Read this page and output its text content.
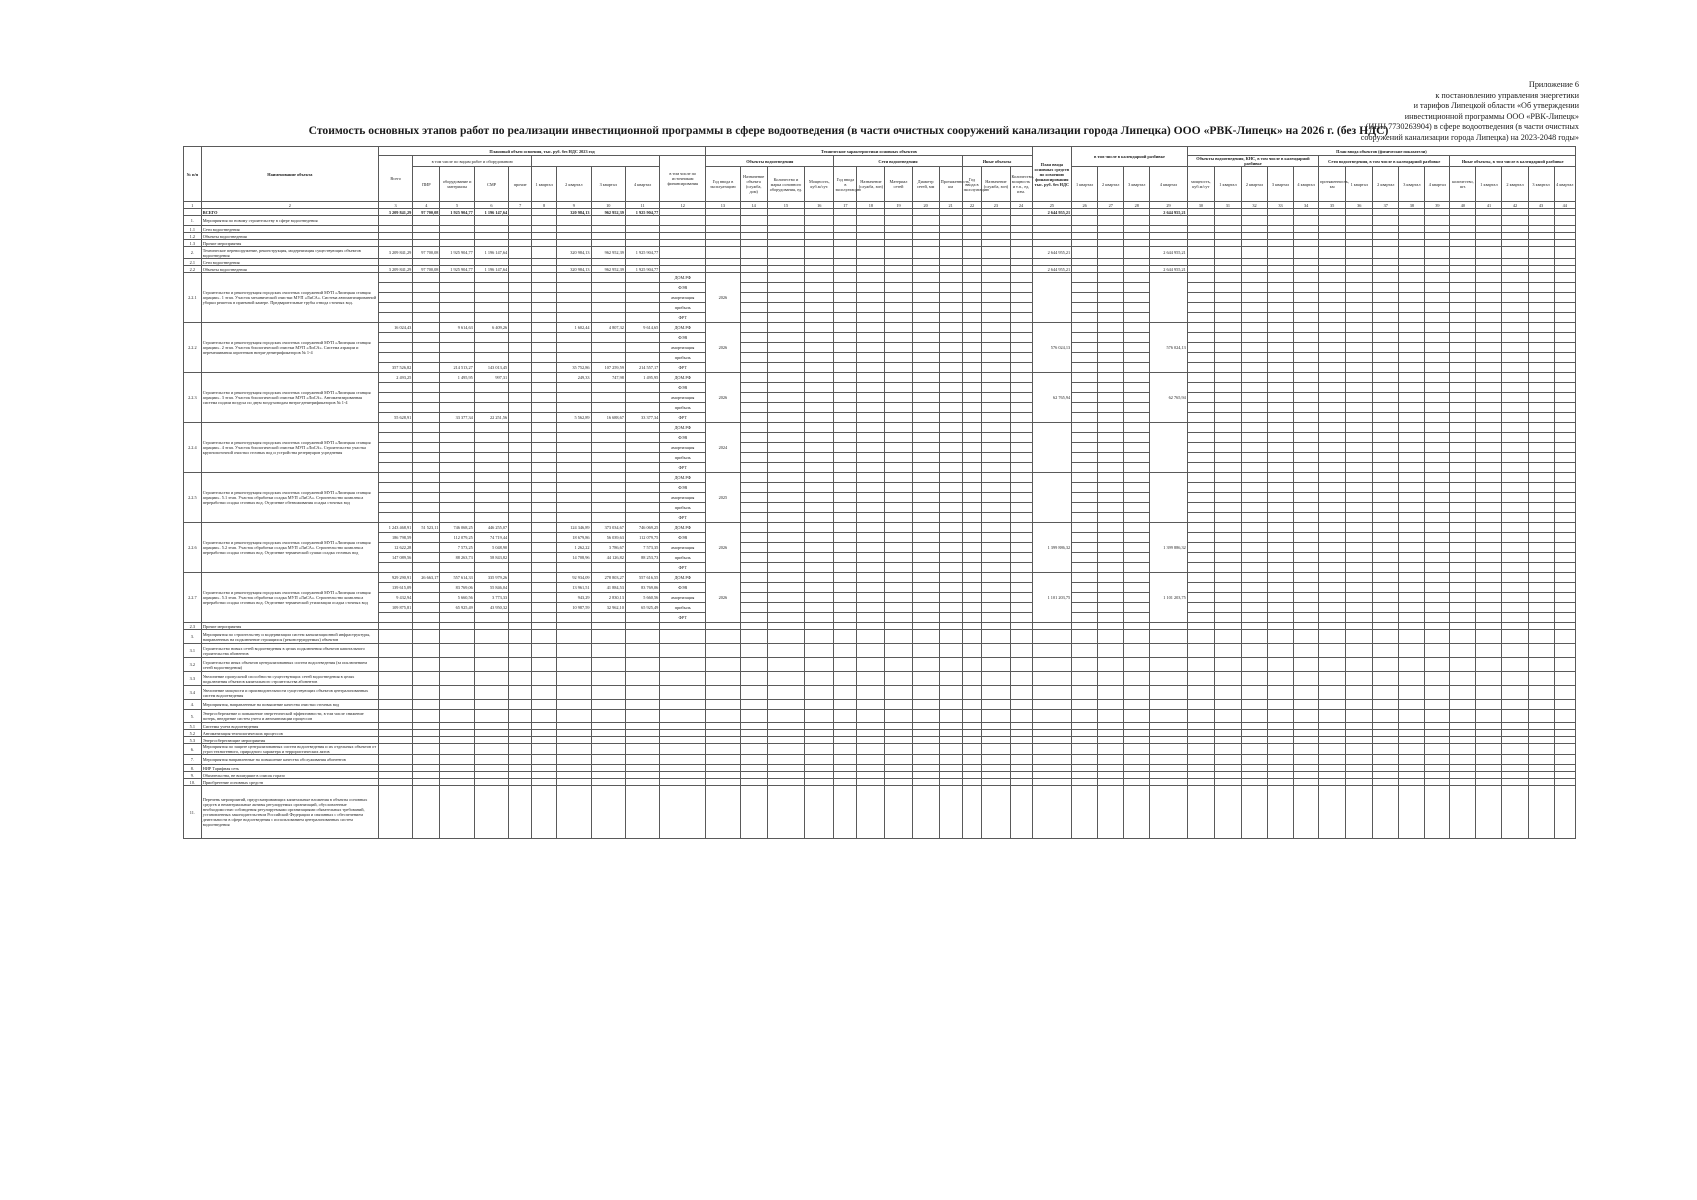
Приложение 6
к постановлению управления энергетики
и тарифов Липецкой области «Об утверждении
инвестиционной программы ООО «РВК-Липецк»
(ИНН 7730263904) в сфере водоотведения (в части очистных
сооружений канализации города Липецка) на 2023-2048 годы»
Стоимость основных этапов работ по реализации инвестиционной программы в сфере водоотведения (в части очистных сооружений канализации города Липецка) ООО «РВК-Липецк» на 2026 г. (без НДС)
№ п/п	Наименование объекта	Плановый объем освоения, тыс. руб. без НДС 2023 год										Технические характеристики основных объектов												План ввода основных средств по освоению финансирования тыс. руб. без НДС	в том числе в календарной разбивке				План ввода объектов (физические показатели)														
		Всего	в том числе по видам работ и оборудованию								в том числе по источникам финансирования	Объекты водоотведения				Сети водоотведения					Иные объекты								Объекты водоотведения, КНС, в том числе в календарной разбивке					Сети водоотведения, в том числе в календарной разбивке					Иные объекты, в том числе в календарной разбивке				
			ПИР	оборудование и материалы	СМР	прочие	1 квартал	2 квартал	3 квартал	4 квартал		Год ввода в эксплуатацию	Назначение объекта (служба, дом)	Количество и марка основного оборудования, ед.	Мощность, куб.м/сут.	Год ввода в эксплуатацию	Назначение (служба, зон)	Материал сетей	Диаметр сетей, мм	Протяженность, км	Год ввода в эксплуатацию	Назначение (служба, зон)	Количество, мощность и т.п., ед. изм.		1 квартал	2 квартал	3 квартал	4 квартал	мощность, куб.м/сут	1 квартал	2 квартал	3 квартал	4 квартал	протяженность, км	1 квартал	2 квартал	3 квартал	4 квартал	количество, шт.	1 квартал	2 квартал	3 квартал	4 квартал
1	2	3	4	5	6	7	8	9	10	11	12	13	14	15	16	17	18	19	20	21	22	23	24	25	26	27	28	29	30	31	32	33	34	35	36	37	38	39	40	41	42	43	44
	ВСЕГО	3 209 841,29	97 700,08	1 925 904,77	1 196 147,64			320 984,13	962 952,39	1 925 904,77														2 644 955,21				2 644 955,21															
1.	Мероприятия по новому строительству в сфере водоотведения																																										
1.1	Сети водоотведения																																										
1.2	Объекты водоотведения																																										
1.3	Прочие мероприятия																																										
2.	Техническое перевооружение, реконструкция, модернизация существующих объектов водоотведения	3 209 841,29	97 700,08	1 925 904,77	1 196 147,64			320 984,13	962 952,39	1 925 904,77														2 644 955,21				2 644 955,21															
2.1	Сети водоотведения																																										
2.2	Объекты водоотведения	3 209 841,29	97 700,08	1 925 904,77	1 196 147,64			320 984,13	962 952,39	1 925 904,77														2 644 955,21				2 644 955,21															
2.2.1	Строительство и реконструкция городских очистных сооружений МУП «Липецкая станция аэрации». 1 этап. Участок механической очистки МУП «ЛиСА». Система автоматизированной уборки решеток в приемной камере. Предварительные трубы отвода сточных вод.										ДОМ.РФ	2026																															
											ФЭВ																																
											амортизация																																
											прибыль																																
											ФРТ																																
2.2.2	Строительство и реконструкция городских очистных сооружений МУП «Липецкая станция аэрации». 2 этап. Участок биологической очистки МУП «ЛиСА». Система аэрации и перемешивания аэротенков нитри-денитрификаторов № 1-4	16 024,43		9 614,63	6 409,26			1 602,44	4 807,32	9 614,65	ДОМ.РФ	2026												576 024,13				576 024,13															
											ФЭВ																																
											амортизация																																
											прибыль																																
		357 526,82		214 513,27	143 013,45			35 752,86	107 259,59	214 557,17	ФРТ																																
2.2.3	Строительство и реконструкция городских очистных сооружений МУП «Липецкая станция аэрации». 3 этап. Участок биологической очистки МУП «ЛиСА». Автоматизированная система подачи воздуха по двум воздуховодам нитри-денитрификаторов № 1-4	2 493,25		1 495,95	997,31			249,33	747,98	1 495,95	ДОМ.РФ	2026												62 765,94				62 765,94															
											ФЭВ																																
											амортизация																																
											прибыль																																
		55 628,91		33 377,34	22 251,56			5 562,89	16 688,67	33 377,34	ФРТ																																
2.2.4	Строительство и реконструкция городских очистных сооружений МУП «Липецкая станция аэрации». 4 этап. Участок биологической очистки МУП «ЛиСА». Строительство участка крупнопоточной очистки сточных вод и устройства резервуаров усреднения										ДОМ.РФ	2024																															
											ФЭВ																																
											амортизация																																
											прибыль																																
											ФРТ																																
2.2.5	Строительство и реконструкция городских очистных сооружений МУП «Липецкая станция аэрации». 5.1 этап. Участок обработки осадка МУП «ЛиСА». Строительство комплекса переработки осадка сточных вод. Отделение обезвоживания осадка сточных вод										ДОМ.РФ	2025																															
											ФЭВ																																
											амортизация																																
											прибыль																																
											ФРТ																																
2.2.6	Строительство и реконструкция городских очистных сооружений МУП «Липецкая станция аэрации». 5.2 этап. Участок обработки осадка МУП «ЛиСА». Строительство комплекса переработки осадка сточных вод. Отделение термической сушки осадка сточных вод	1 243 468,91	51 523,11	746 068,25	446 255,07			124 346,89	373 034,67	746 069,25	ДОМ.РФ	2026												1 399 886,32				1 399 886,32															
		186 798,59		112 079,25	74 719,44			18 679,86	56 039,63	112 079,75	ФЭВ																																
		12 622,28		7 573,25	5 048,90			1 262,22	3 786,67	7 573,35	амортизация																																
		147 089,56		88 263,73	58 843,82			14 708,96	44 126,82	88 253,73	прибыль																																
											ФРТ																																
2.2.7	Строительство и реконструкция городских очистных сооружений МУП «Липецкая станция аэрации». 5.3 этап. Участок обработки осадка МУП «ЛиСА». Строительство комплекса переработки осадка сточных вод. Отделение термической утилизации осадка сточных вод	929 290,91	26 663,17	557 614,33	335 979,26			92 934,09	278 803,27	557 616,55	ДОМ.РФ	2026												1 101 203,75				1 101 203,75															
		139 615,09		83 769,06	55 846,04			13 961,51	41 884,53	83 769,06	ФЭВ																																
		9 432,94		5 660,56	3 773,33			943,29	2 830,13	5 660,56	амортизация																																
		109 875,81		65 925,49	43 950,32			10 987,59	32 962,10	65 925,49	прибыль																																
											ФРТ																																
2.3	Прочие мероприятия																																										
3.	Мероприятия по строительству и модернизации систем канализационной инфраструктуры, направленных на подключение строящихся (реконструируемых) объектов																																										
3.1	Строительство новых сетей водоотведения в целях подключения объектов капитального строительства абонентов																																										
3.2	Строительство иных объектов централизованных систем водоотведения (за исключением сетей водоотведения)																																										
3.3	Увеличение пропускной способности существующих сетей водоотведения в целях подключения объектов капитального строительства абонентов																																										
3.4	Увеличение мощности и производительности существующих объектов централизованных систем водоотведения																																										
4.	Мероприятия, направленные на повышение качества очистки сточных вод																																										
5.	Энергосбережение и повышение энергетической эффективности, в том числе снижение потерь, внедрение систем учета и автоматизации процессов																																										
5.1	Системы учета водоотведения																																										
5.2	Автоматизация технологических процессов																																										
5.3	Энергосберегающие мероприятия																																										
6.	Мероприятия по защите централизованных систем водоотведения и их отдельных объектов от угроз техногенного, природного характера и террористических актов																																										
7.	Мероприятия направленные на повышение качества обслуживания абонентов																																										
8.	НИР Тарифная сеть																																										
9.	Обязательства, не вошедшие в список горазо																																										
10.	Приобретение основных средств																																										
11.	Перечень мероприятий, предусматривающих капитальные вложения в объекты основных средств и нематериальные активы регулируемых организаций, обусловленные необходимостью соблюдения регулируемыми организациями обязательных требований, установленных законодательством Российской Федерации и связанных с обеспечением деятельности в сфере водоотведения с использованием централизованных систем водоотведения																																										
